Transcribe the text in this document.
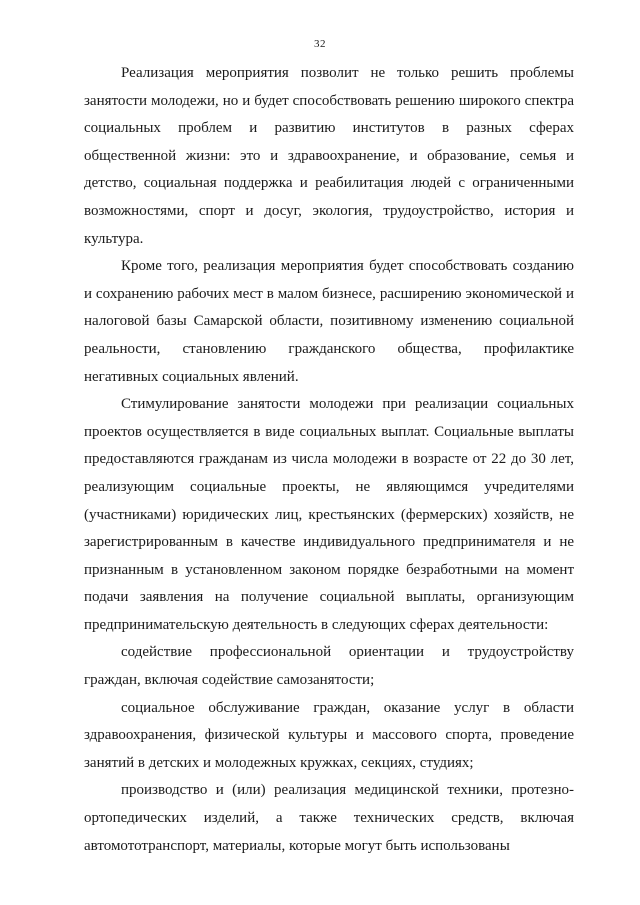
32

Реализация мероприятия позволит не только решить проблемы занятости молодежи, но и будет способствовать решению широкого спектра социальных проблем и развитию институтов в разных сферах общественной жизни: это и здравоохранение, и образование, семья и детство, социальная поддержка и реабилитация людей с ограниченными возможностями, спорт и досуг, экология, трудоустройство, история и культура.

Кроме того, реализация мероприятия будет способствовать созданию и сохранению рабочих мест в малом бизнесе, расширению экономической и налоговой базы Самарской области, позитивному изменению социальной реальности, становлению гражданского общества, профилактике негативных социальных явлений.

Стимулирование занятости молодежи при реализации социальных проектов осуществляется в виде социальных выплат. Социальные выплаты предоставляются гражданам из числа молодежи в возрасте от 22 до 30 лет, реализующим социальные проекты, не являющимся учредителями (участниками) юридических лиц, крестьянских (фермерских) хозяйств, не зарегистрированным в качестве индивидуального предпринимателя и не признанным в установленном законом порядке безработными на момент подачи заявления на получение социальной выплаты, организующим предпринимательскую деятельность в следующих сферах деятельности:

содействие профессиональной ориентации и трудоустройству граждан, включая содействие самозанятости;

социальное обслуживание граждан, оказание услуг в области здравоохранения, физической культуры и массового спорта, проведение занятий в детских и молодежных кружках, секциях, студиях;

производство и (или) реализация медицинской техники, протезно-ортопедических изделий, а также технических средств, включая автомототранспорт, материалы, которые могут быть использованы
